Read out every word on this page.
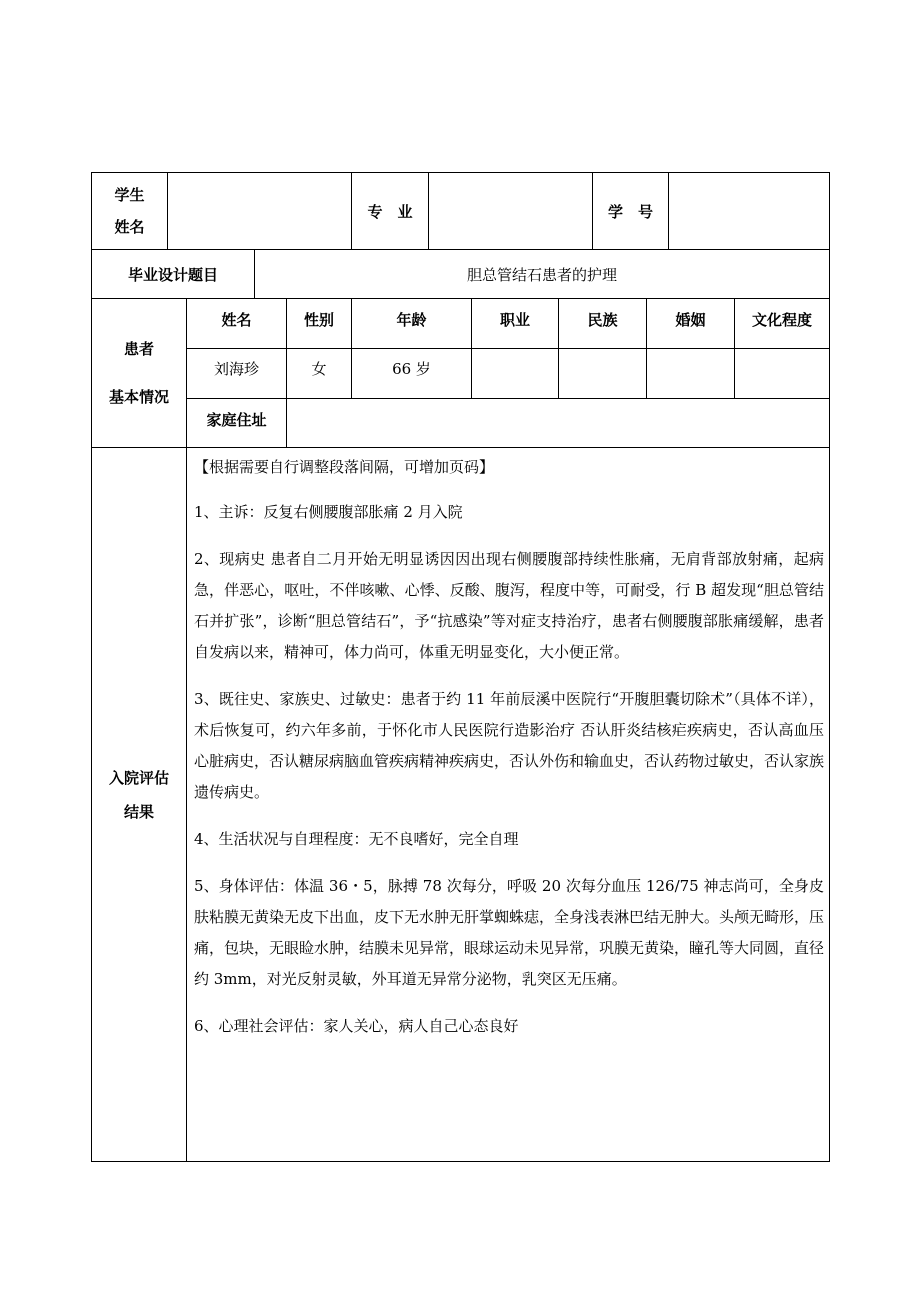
学生
姓名
专　业	学　号
毕业设计题目	胆总管结石患者的护理
患者
基本情况
姓名	性别	年龄	职业	民族	婚姻	文化程度
刘海珍	女	66 岁
家庭住址
入院评估
结果

【根据需要自行调整段落间隔，可增加页码】

1、主诉：反复右侧腰腹部胀痛 2 月入院

2、现病史 患者自二月开始无明显诱因因出现右侧腰腹部持续性胀痛，无肩背部放射痛，起病急，伴恶心，呕吐，不伴咳嗽、心悸、反酸、腹泻，程度中等，可耐受，行 B 超发现“胆总管结石并扩张”，诊断“胆总管结石”，予“抗感染”等对症支持治疗，患者右侧腰腹部胀痛缓解，患者自发病以来，精神可，体力尚可，体重无明显变化，大小便正常。

3、既往史、家族史、过敏史：患者于约 11 年前辰溪中医院行“开腹胆囊切除术”（具体不详），术后恢复可，约六年多前，于怀化市人民医院行造影治疗 否认肝炎结核疟疾病史，否认高血压心脏病史，否认糖尿病脑血管疾病精神疾病史，否认外伤和输血史，否认药物过敏史，否认家族遗传病史。

4、生活状况与自理程度：无不良嗜好，完全自理

5、身体评估：体温 36・5，脉搏 78 次每分，呼吸 20 次每分血压 126/75 神志尚可，全身皮肤粘膜无黄染无皮下出血，皮下无水肿无肝掌蜘蛛痣，全身浅表淋巴结无肿大。头颅无畸形，压痛，包块，无眼睑水肿，结膜未见异常，眼球运动未见异常，巩膜无黄染，瞳孔等大同圆，直径约 3mm，对光反射灵敏，外耳道无异常分泌物，乳突区无压痛。

6、心理社会评估：家人关心，病人自己心态良好
